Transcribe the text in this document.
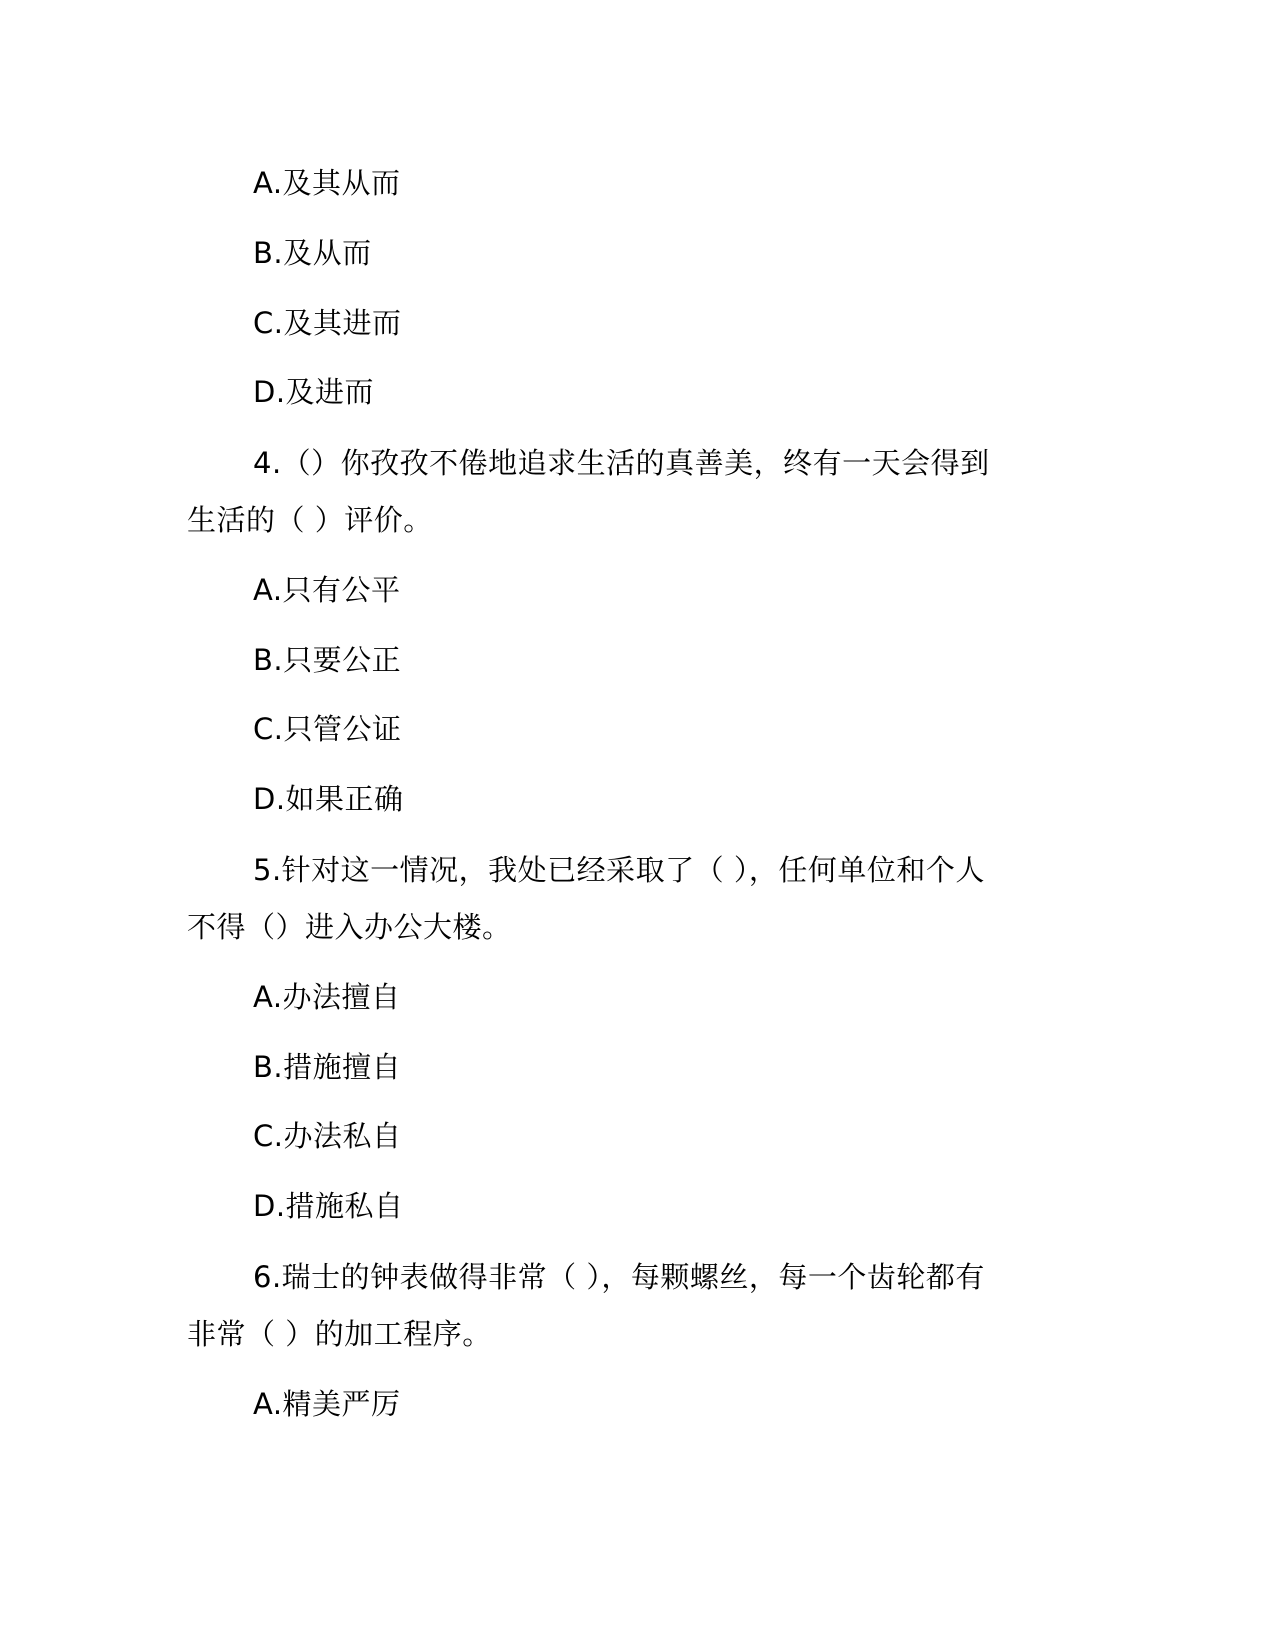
A.及其从而
B.及从而
C.及其进而
D.及进而
4.（）你孜孜不倦地追求生活的真善美，终有一天会得到
生活的（ ）评价。
A.只有公平
B.只要公正
C.只管公证
D.如果正确
5.针对这一情况，我处已经采取了（ ），任何单位和个人
不得（）进入办公大楼。
A.办法擅自
B.措施擅自
C.办法私自
D.措施私自
6.瑞士的钟表做得非常（ ），每颗螺丝，每一个齿轮都有
非常（ ）的加工程序。
A.精美严厉
